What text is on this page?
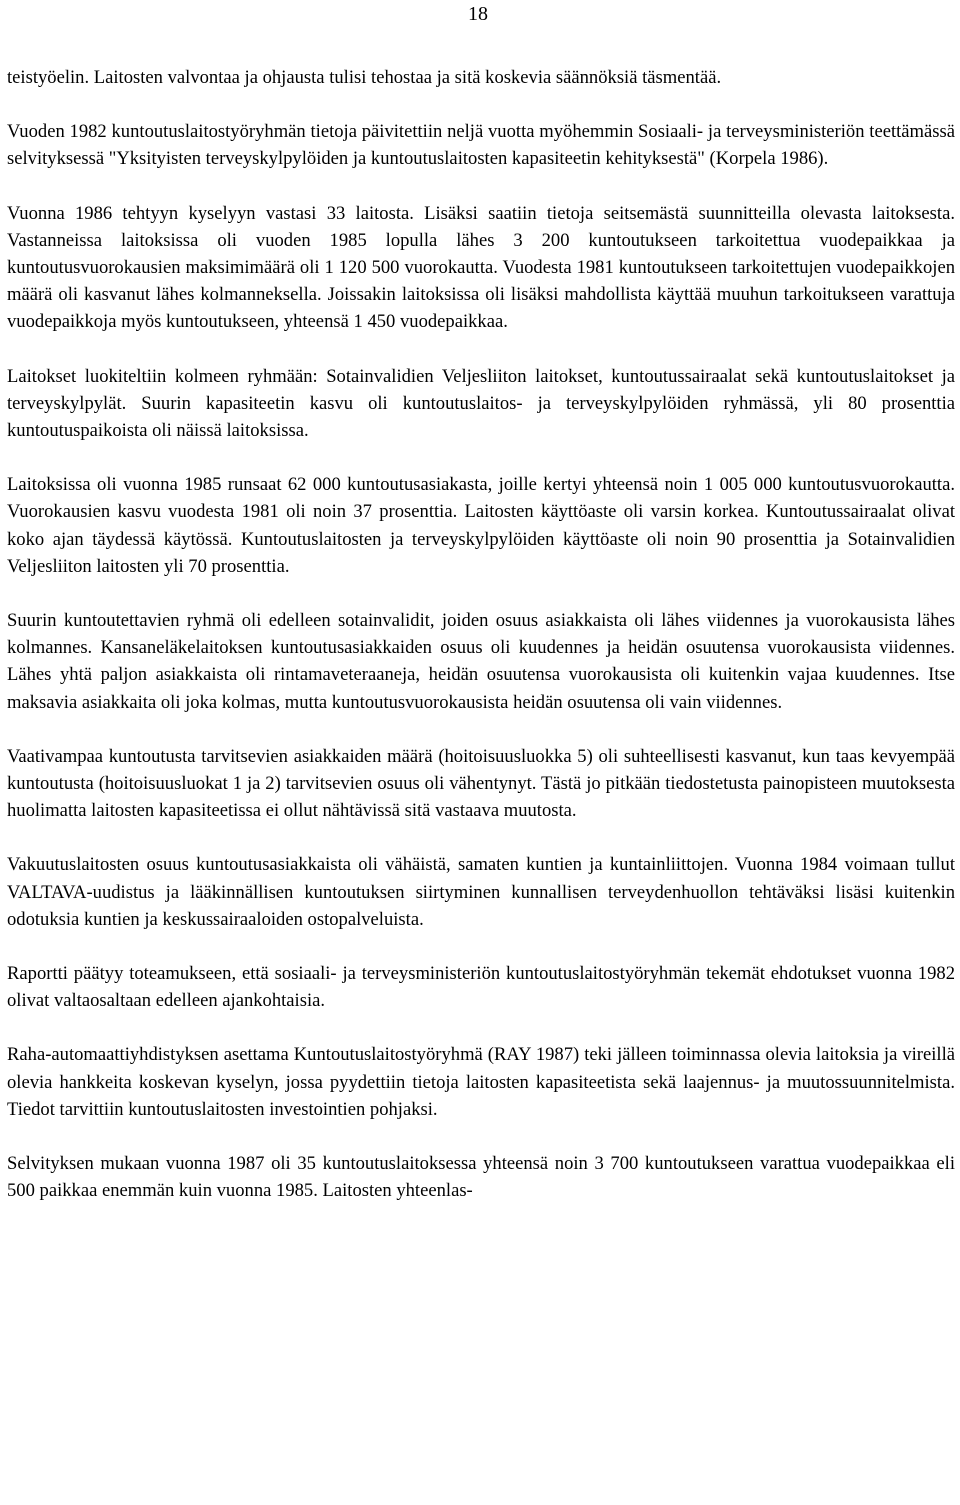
18

teistyöelin. Laitosten valvontaa ja ohjausta tulisi tehostaa ja sitä koskevia säännöksiä täsmentää.

Vuoden 1982 kuntoutuslaitostyöryhmän tietoja päivitettiin neljä vuotta myöhemmin Sosiaali- ja terveysministeriön teettämässä selvityksessä "Yksityisten terveyskylpylöiden ja kuntoutuslaitosten kapasiteetin kehityksestä" (Korpela 1986).

Vuonna 1986 tehtyyn kyselyyn vastasi 33 laitosta. Lisäksi saatiin tietoja seitsemästä suunnitteilla olevasta laitoksesta. Vastanneissa laitoksissa oli vuoden 1985 lopulla lähes 3 200 kuntoutukseen tarkoitettua vuodepaikkaa ja kuntoutusvuorokausien maksimimäärä oli 1 120 500 vuorokautta. Vuodesta 1981 kuntoutukseen tarkoitettujen vuodepaikkojen määrä oli kasvanut lähes kolmanneksella. Joissakin laitoksissa oli lisäksi mahdollista käyttää muuhun tarkoitukseen varattuja vuodepaikkoja myös kuntoutukseen, yhteensä 1 450 vuodepaikkaa.

Laitokset luokiteltiin kolmeen ryhmään: Sotainvalidien Veljesliiton laitokset, kuntoutussairaalat sekä kuntoutuslaitokset ja terveyskylpylät. Suurin kapasiteetin kasvu oli kuntoutuslaitos- ja terveyskylpylöiden ryhmässä, yli 80 prosenttia kuntoutuspaikoista oli näissä laitoksissa.

Laitoksissa oli vuonna 1985 runsaat 62 000 kuntoutusasiakasta, joille kertyi yhteensä noin 1 005 000 kuntoutusvuorokautta. Vuorokausien kasvu vuodesta 1981 oli noin 37 prosenttia. Laitosten käyttöaste oli varsin korkea. Kuntoutussairaalat olivat koko ajan täydessä käytössä. Kuntoutuslaitosten ja terveyskylpylöiden käyttöaste oli noin 90 prosenttia ja Sotainvalidien Veljesliiton laitosten yli 70 prosenttia.

Suurin kuntoutettavien ryhmä oli edelleen sotainvalidit, joiden osuus asiakkaista oli lähes viidennes ja vuorokausista lähes kolmannes. Kansaneläkelaitoksen kuntoutusasiakkaiden osuus oli kuudennes ja heidän osuutensa vuorokausista viidennes. Lähes yhtä paljon asiakkaista oli rintamaveteraaneja, heidän osuutensa vuorokausista oli kuitenkin vajaa kuudennes. Itse maksavia asiakkaita oli joka kolmas, mutta kuntoutusvuorokausista heidän osuutensa oli vain viidennes.

Vaativampaa kuntoutusta tarvitsevien asiakkaiden määrä (hoitoisuusluokka 5) oli suhteellisesti kasvanut, kun taas kevyempää kuntoutusta (hoitoisuusluokat 1 ja 2) tarvitsevien osuus oli vähentynyt. Tästä jo pitkään tiedostetusta painopisteen muutoksesta huolimatta laitosten kapasiteetissa ei ollut nähtävissä sitä vastaava muutosta.

Vakuutuslaitosten osuus kuntoutusasiakkaista oli vähäistä, samaten kuntien ja kuntainliittojen. Vuonna 1984 voimaan tullut VALTAVA-uudistus ja lääkinnällisen kuntoutuksen siirtyminen kunnallisen terveydenhuollon tehtäväksi lisäsi kuitenkin odotuksia kuntien ja keskussairaaloiden ostopalveluista.

Raportti päätyy toteamukseen, että sosiaali- ja terveysministeriön kuntoutuslaitostyöryhmän tekemät ehdotukset vuonna 1982 olivat valtaosaltaan edelleen ajankohtaisia.

Raha-automaattiyhdistyksen asettama Kuntoutuslaitostyöryhmä (RAY 1987) teki jälleen toiminnassa olevia laitoksia ja vireillä olevia hankkeita koskevan kyselyn, jossa pyydettiin tietoja laitosten kapasiteetista sekä laajennus- ja muutossuunnitelmista. Tiedot tarvittiin kuntoutuslaitosten investointien pohjaksi.

Selvityksen mukaan vuonna 1987 oli 35 kuntoutuslaitoksessa yhteensä noin 3 700 kuntoutukseen varattua vuodepaikkaa eli 500 paikkaa enemmän kuin vuonna 1985. Laitosten yhteenlas-
